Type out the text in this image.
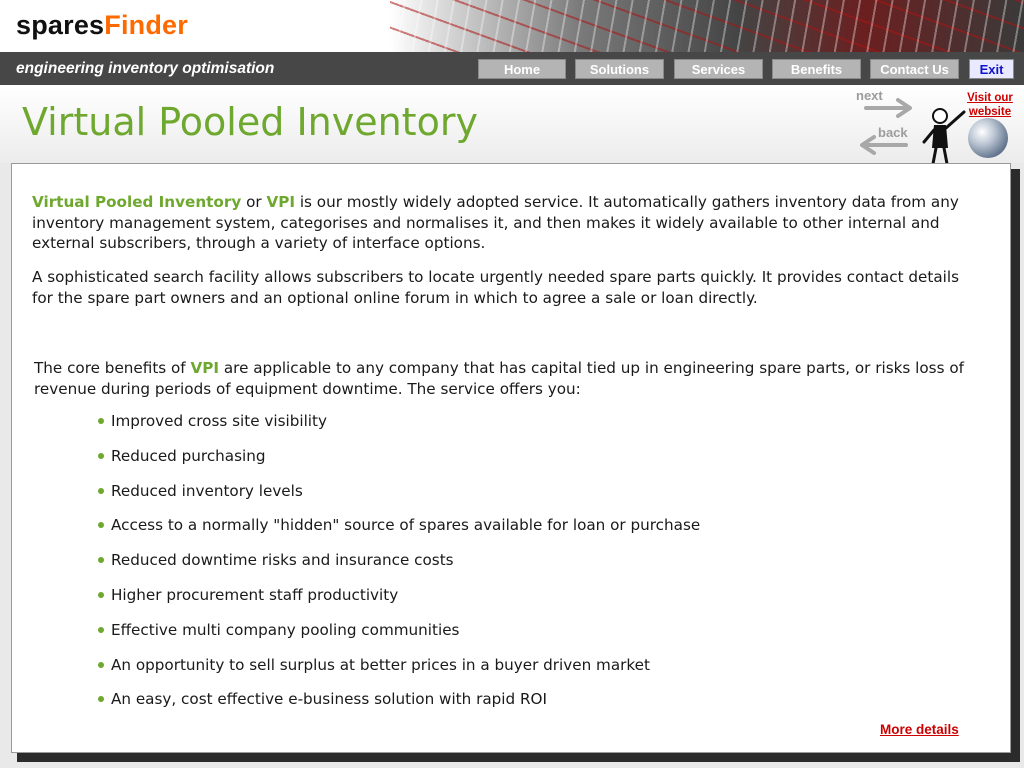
sparesFinder
engineering inventory optimisation	Home	Solutions	Services	Benefits	Contact Us	Exit
Virtual Pooled Inventory
next
back
Visit our
website
Virtual Pooled Inventory or VPI is our mostly widely adopted service. It automatically gathers inventory data from any inventory management system, categorises and normalises it, and then makes it widely available to other internal and external subscribers, through a variety of interface options.
A sophisticated search facility allows subscribers to locate urgently needed spare parts quickly. It provides contact details for the spare part owners and an optional online forum in which to agree a sale or loan directly.
The core benefits of VPI are applicable to any company that has capital tied up in engineering spare parts, or risks loss of revenue during periods of equipment downtime. The service offers you:
Improved cross site visibility
Reduced purchasing
Reduced inventory levels
Access to a normally "hidden" source of spares available for loan or purchase
Reduced downtime risks and insurance costs
Higher procurement staff productivity
Effective multi company pooling communities
An opportunity to sell surplus at better prices in a buyer driven market
An easy, cost effective e-business solution with rapid ROI
More details
